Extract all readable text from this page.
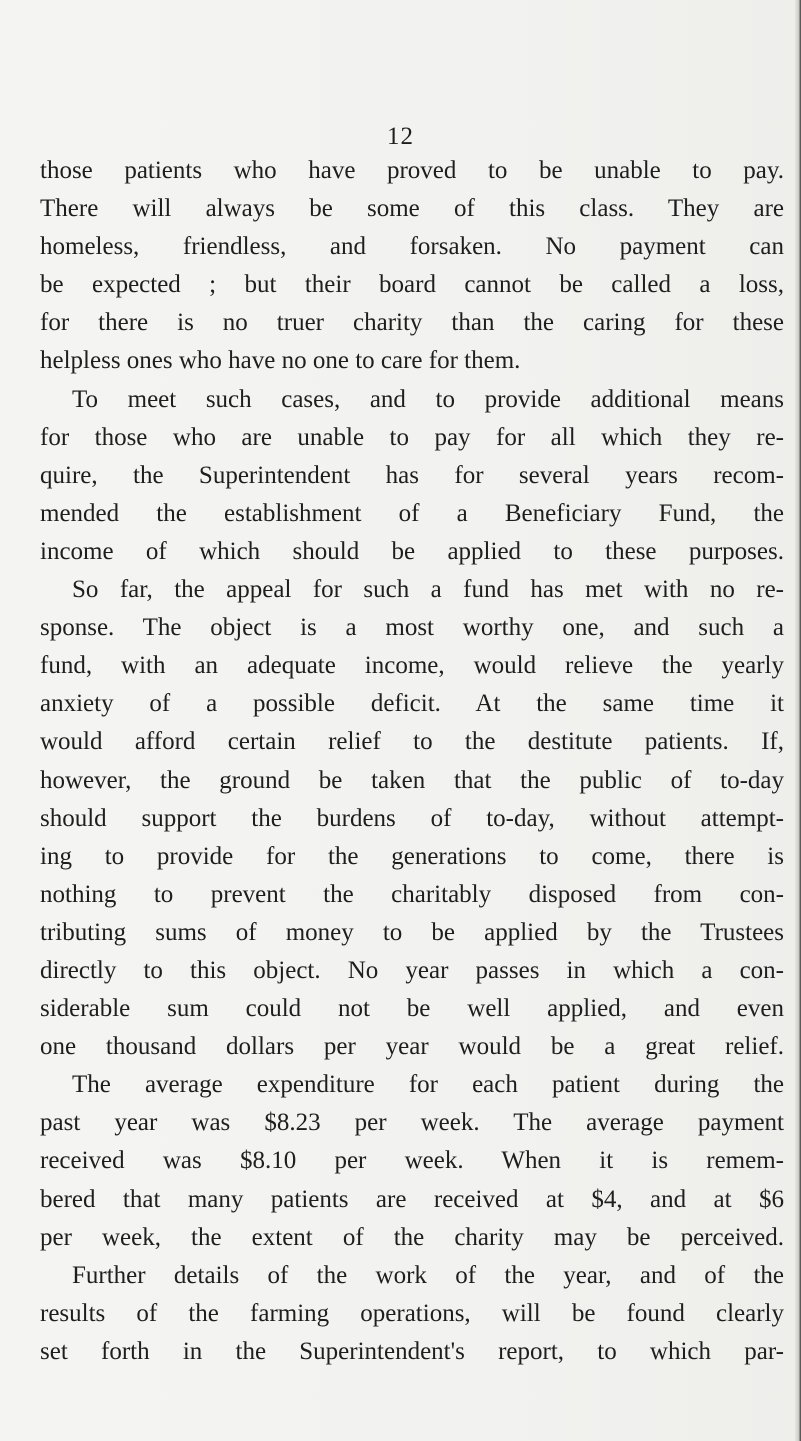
12
those patients who have proved to be unable to pay.
There will always be some of this class. They are
homeless, friendless, and forsaken. No payment can
be expected ; but their board cannot be called a loss,
for there is no truer charity than the caring for these
helpless ones who have no one to care for them.
To meet such cases, and to provide additional means
for those who are unable to pay for all which they re-
quire, the Superintendent has for several years recom-
mended the establishment of a Beneficiary Fund, the
income of which should be applied to these purposes.
So far, the appeal for such a fund has met with no re-
sponse. The object is a most worthy one, and such a
fund, with an adequate income, would relieve the yearly
anxiety of a possible deficit. At the same time it
would afford certain relief to the destitute patients. If,
however, the ground be taken that the public of to-day
should support the burdens of to-day, without attempt-
ing to provide for the generations to come, there is
nothing to prevent the charitably disposed from con-
tributing sums of money to be applied by the Trustees
directly to this object. No year passes in which a con-
siderable sum could not be well applied, and even
one thousand dollars per year would be a great relief.
The average expenditure for each patient during the
past year was $8.23 per week. The average payment
received was $8.10 per week. When it is remem-
bered that many patients are received at $4, and at $6
per week, the extent of the charity may be perceived.
Further details of the work of the year, and of the
results of the farming operations, will be found clearly
set forth in the Superintendent's report, to which par-
